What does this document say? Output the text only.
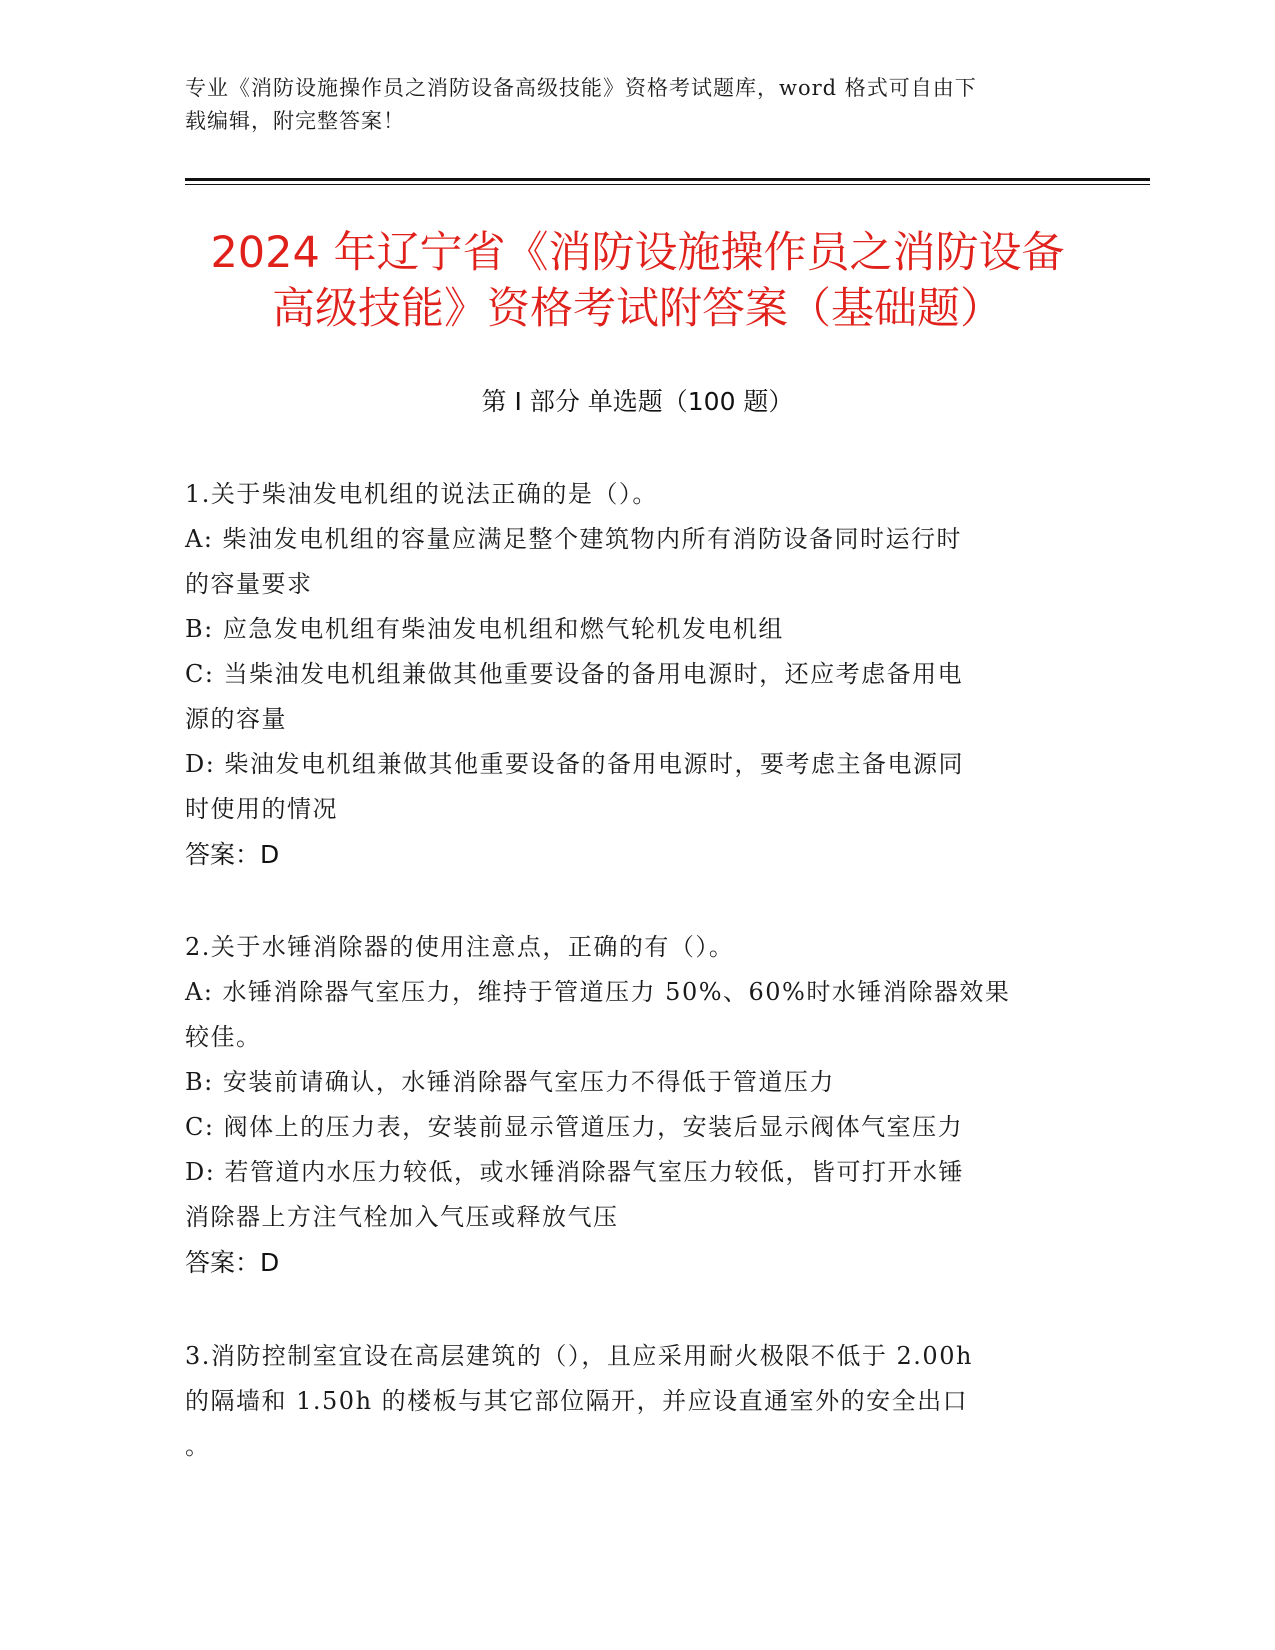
专业《消防设施操作员之消防设备高级技能》资格考试题库，word 格式可自由下
载编辑，附完整答案！
2024 年辽宁省《消防设施操作员之消防设备
高级技能》资格考试附答案（基础题）
第 I 部分 单选题（100 题）
1.关于柴油发电机组的说法正确的是（）。
A: 柴油发电机组的容量应满足整个建筑物内所有消防设备同时运行时
的容量要求
B: 应急发电机组有柴油发电机组和燃气轮机发电机组
C: 当柴油发电机组兼做其他重要设备的备用电源时，还应考虑备用电
源的容量
D: 柴油发电机组兼做其他重要设备的备用电源时，要考虑主备电源同
时使用的情况
答案：D
2.关于水锤消除器的使用注意点，正确的有（）。
A: 水锤消除器气室压力，维持于管道压力 50%、60%时水锤消除器效果
较佳。
B: 安装前请确认，水锤消除器气室压力不得低于管道压力
C: 阀体上的压力表，安装前显示管道压力，安装后显示阀体气室压力
D: 若管道内水压力较低，或水锤消除器气室压力较低，皆可打开水锤
消除器上方注气栓加入气压或释放气压
答案：D
3.消防控制室宜设在高层建筑的（），且应采用耐火极限不低于 2.00h
的隔墙和 1.50h 的楼板与其它部位隔开，并应设直通室外的安全出口
。
